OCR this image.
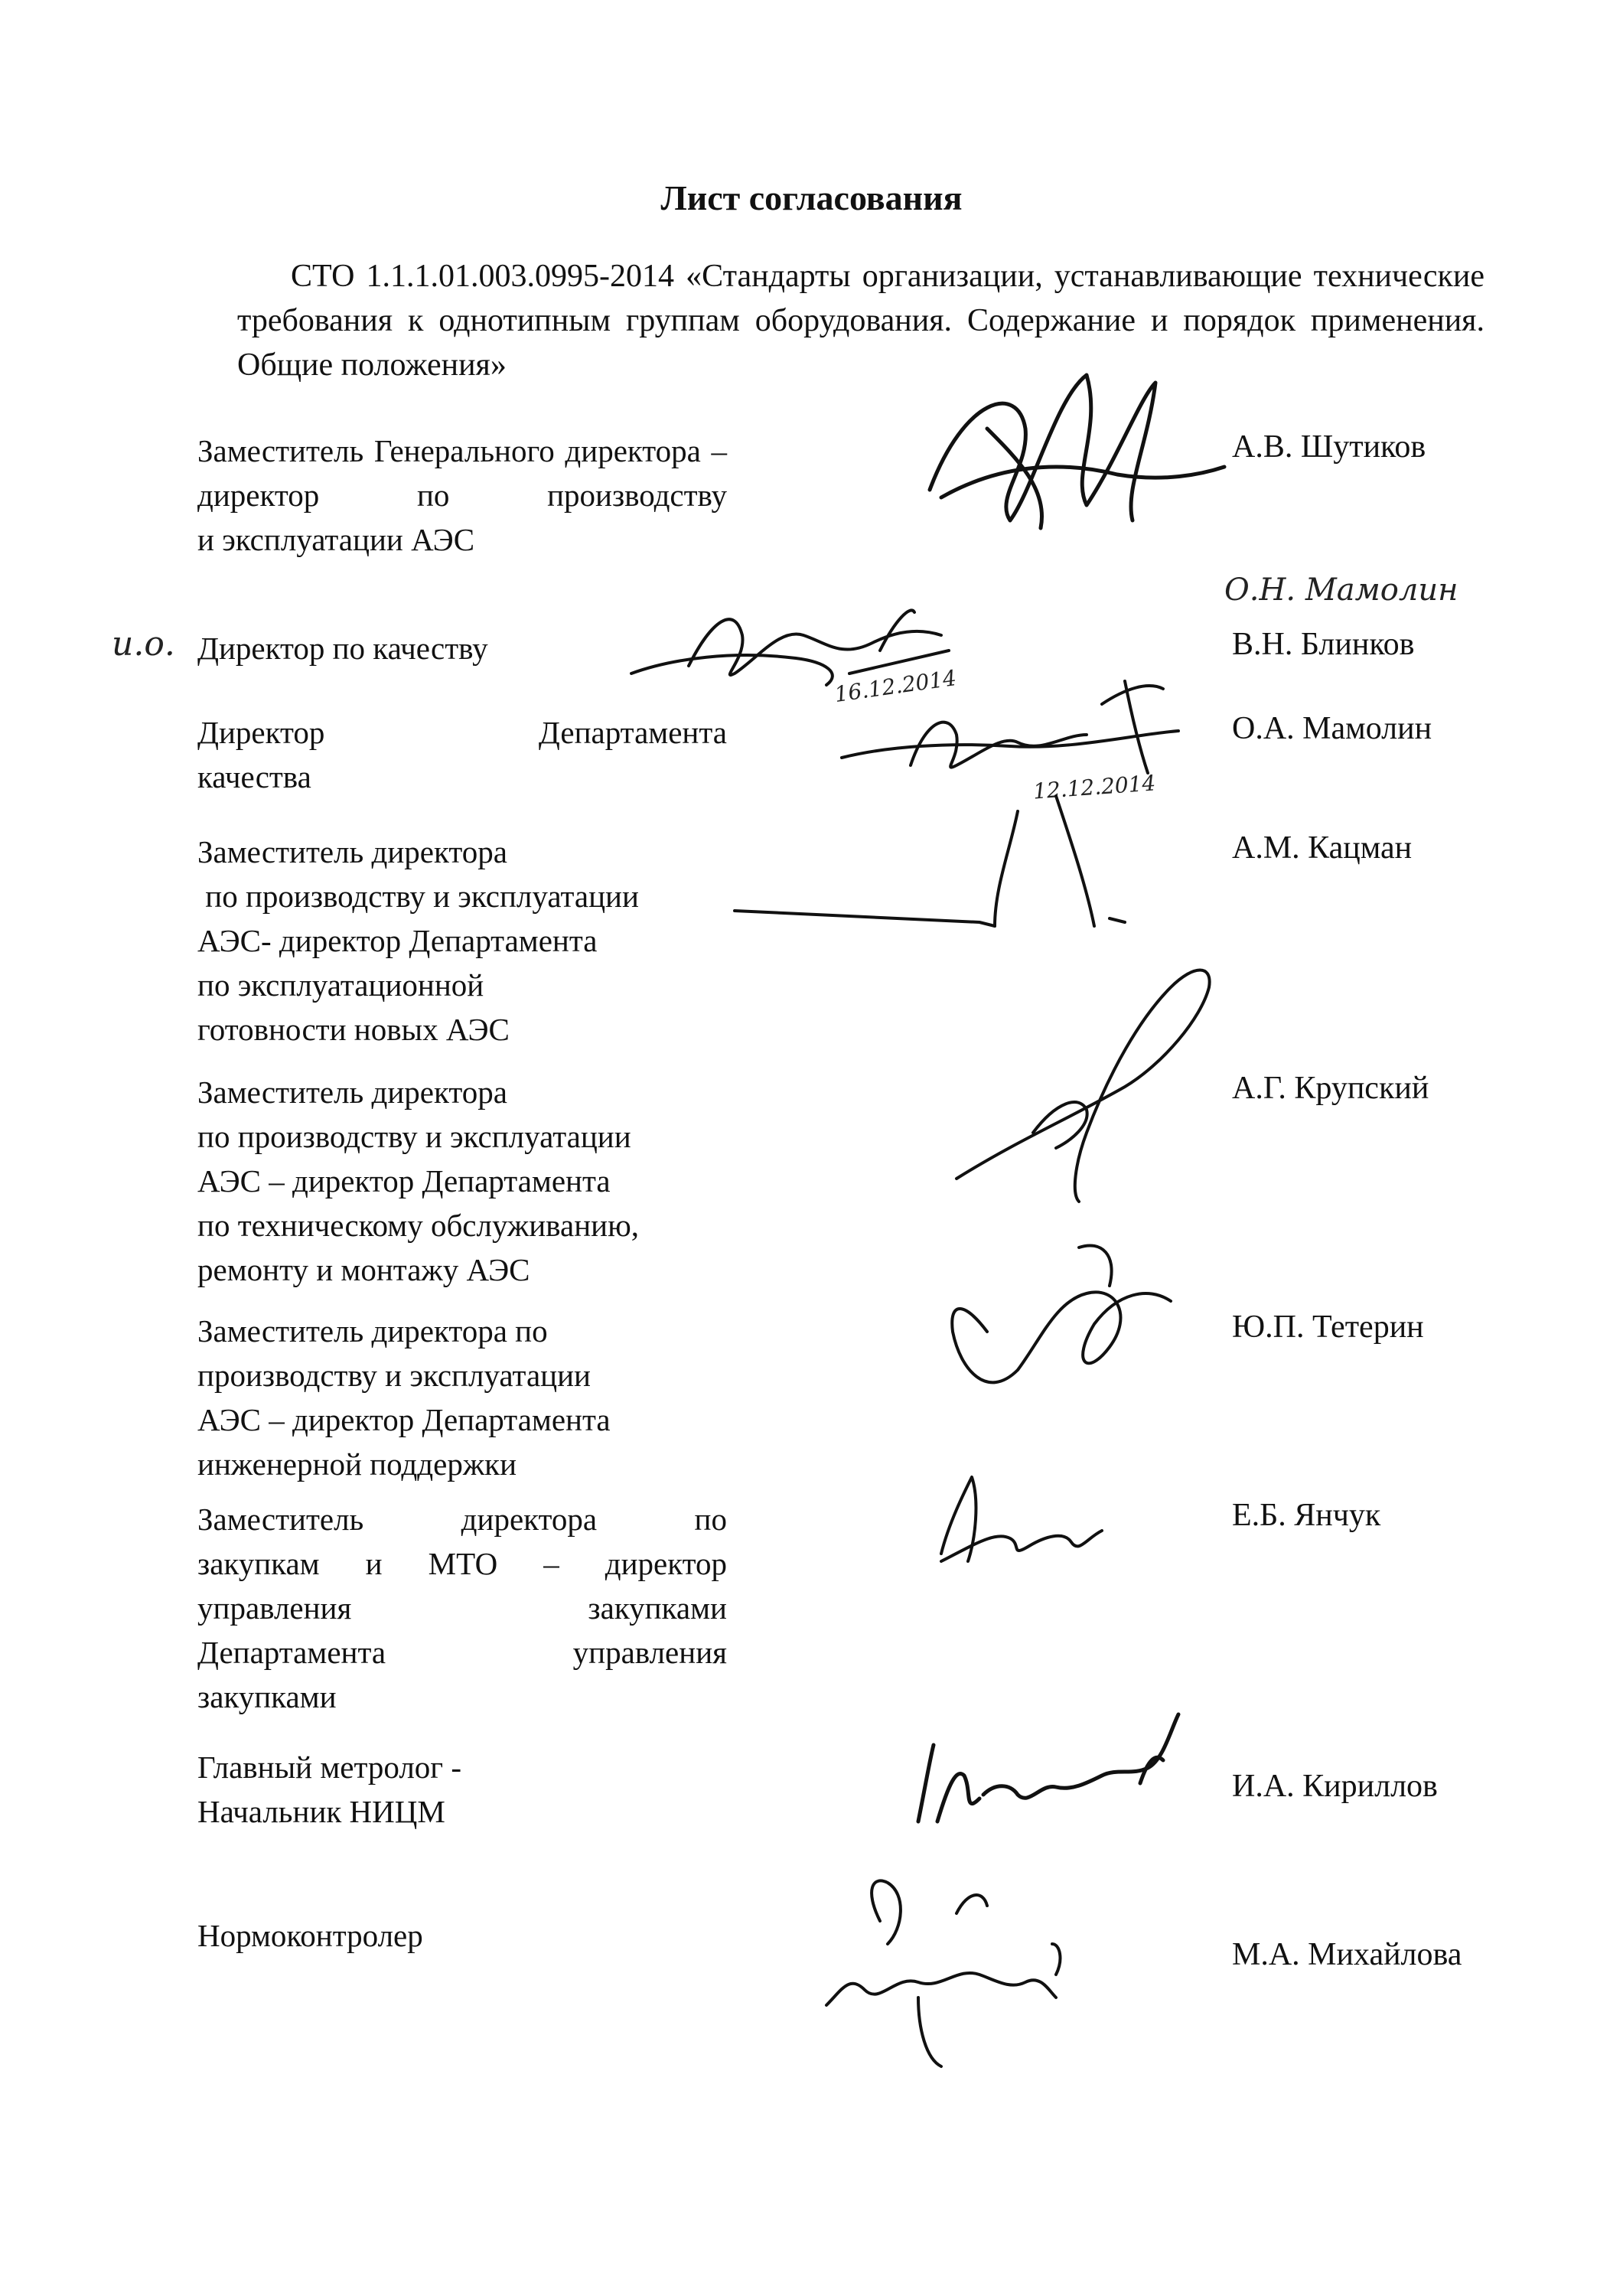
Лист согласования

СТО 1.1.1.01.003.0995-2014 «Стандарты организации, устанавливающие технические требования к однотипным группам оборудования. Содержание и порядок применения. Общие положения»

Заместитель Генерального директора –
директор по производству
и эксплуатации АЭС
А.В. Шутиков
Директор по качеству	В.Н. Блинков
Директор Департамента
качества
О.А. Мамолин
Заместитель директора
по производству и эксплуатации
АЭС- директор Департамента
по эксплуатационной
готовности новых АЭС
А.М. Кацман
Заместитель директора
по производству и эксплуатации
АЭС – директор Департамента
по техническому обслуживанию,
ремонту и монтажу АЭС
А.Г. Крупский
Заместитель директора по
производству и эксплуатации
АЭС – директор Департамента
инженерной поддержки
Ю.П. Тетерин
Заместитель директора по
закупкам и МТО – директор
управления закупками
Департамента управления
закупками
Е.Б. Янчук
Главный метролог -
Начальник НИЦМ
И.А. Кириллов
Нормоконтролер
М.А. Михайлова
и.о.
О.Н. Мамолин
16.12.2014
12.12.2014
